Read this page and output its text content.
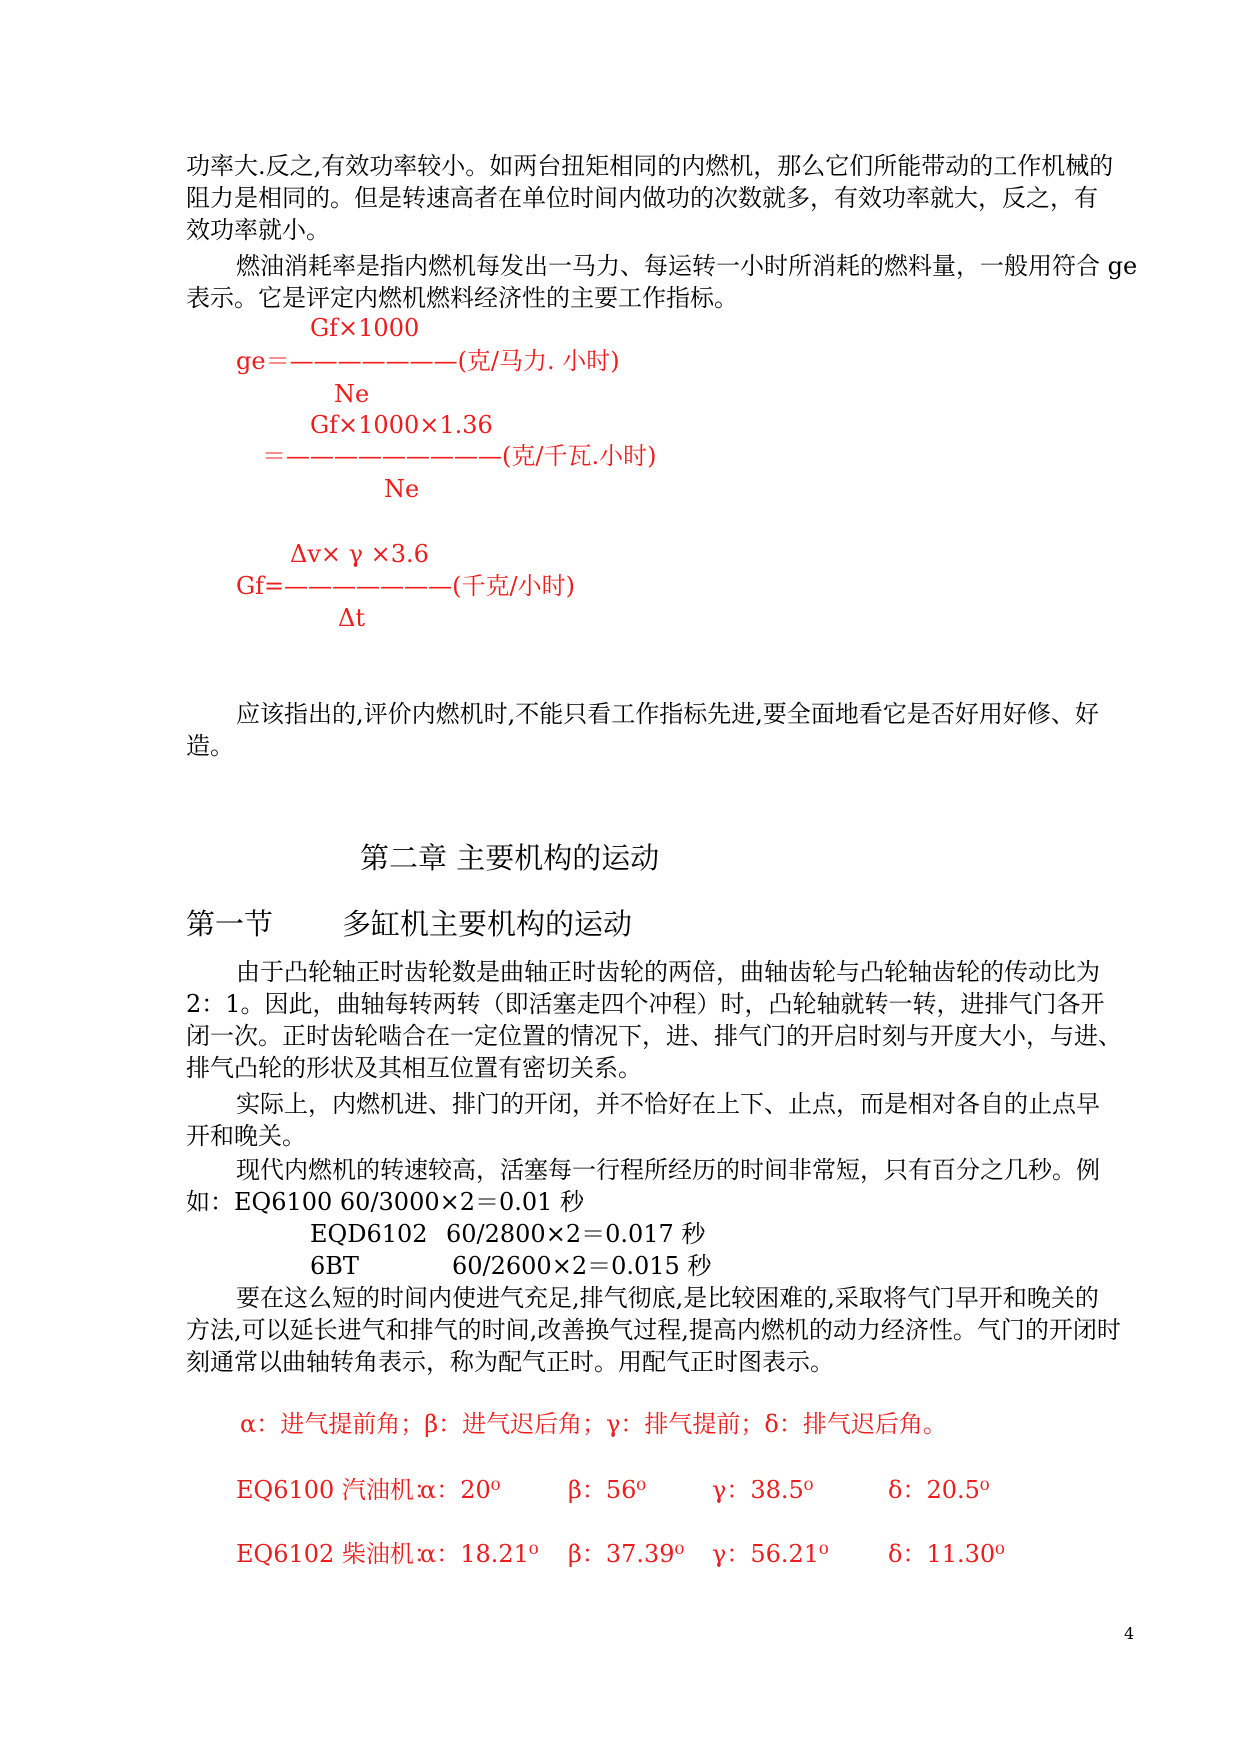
功率大.反之,有效功率较小。如两台扭矩相同的内燃机，那么它们所能带动的工作机械的
阻力是相同的。但是转速高者在单位时间内做功的次数就多，有效功率就大，反之，有
效功率就小。
燃油消耗率是指内燃机每发出一马力、每运转一小时所消耗的燃料量，一般用符合 ge
表示。它是评定内燃机燃料经济性的主要工作指标。
Gf×1000
ge＝———————(克/马力. 小时)
Ne
Gf×1000×1.36
＝—————————(克/千瓦.小时)
Ne
Δv× γ ×3.6
Gf=———————(千克/小时)
Δt
应该指出的,评价内燃机时,不能只看工作指标先进,要全面地看它是否好用好修、好
造。
第二章 主要机构的运动
第一节 多缸机主要机构的运动
由于凸轮轴正时齿轮数是曲轴正时齿轮的两倍，曲轴齿轮与凸轮轴齿轮的传动比为
2：1。因此，曲轴每转两转（即活塞走四个冲程）时，凸轮轴就转一转，进排气门各开
闭一次。正时齿轮啮合在一定位置的情况下，进、排气门的开启时刻与开度大小，与进、
排气凸轮的形状及其相互位置有密切关系。
实际上，内燃机进、排门的开闭，并不恰好在上下、止点，而是相对各自的止点早
开和晚关。
现代内燃机的转速较高，活塞每一行程所经历的时间非常短，只有百分之几秒。例
如：EQ6100 60/3000×2＝0.01 秒
EQD6102 60/2800×2＝0.017 秒
6BT	60/2600×2＝0.015 秒
要在这么短的时间内使进气充足,排气彻底,是比较困难的,采取将气门早开和晚关的
方法,可以延长进气和排气的时间,改善换气过程,提高内燃机的动力经济性。气门的开闭时
刻通常以曲轴转角表示，称为配气正时。用配气正时图表示。
α：进气提前角；β：进气迟后角；γ：排气提前；δ：排气迟后角。
EQ6100 汽油机：
α：20⁰	β：56⁰	γ：38.5⁰	δ：20.5⁰
EQ6102 柴油机：
α：18.21⁰ β：37.39⁰ γ：56.21⁰ δ：11.30⁰
4
